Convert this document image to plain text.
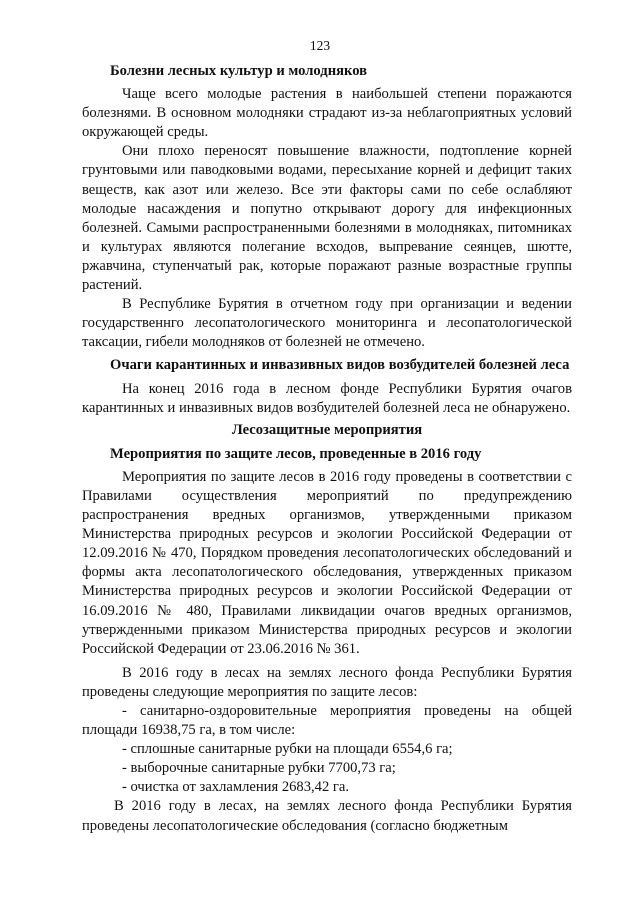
123

Болезни лесных культур и молодняков

Чаще всего молодые растения в наибольшей степени поражаются болезнями. В основном молодняки страдают из-за неблагоприятных условий окружающей среды.

Они плохо переносят повышение влажности, подтопление корней грунтовыми или паводковыми водами, пересыхание корней и дефицит таких веществ, как азот или железо. Все эти факторы сами по себе ослабляют молодые насаждения и попутно открывают дорогу для инфекционных болезней. Самыми распространенными болезнями в молодняках, питомниках и культурах являются полегание всходов, выпревание сеянцев, шютте, ржавчина, ступенчатый рак, которые поражают разные возрастные группы растений.

В Республике Бурятия в отчетном году при организации и ведении государственнго лесопатологического мониторинга и лесопатологической таксации, гибели молодняков от болезней не отмечено.

Очаги карантинных и инвазивных видов возбудителей болезней леса

На конец 2016 года в лесном фонде Республики Бурятия очагов карантинных и инвазивных видов возбудителей болезней леса не обнаружено.

Лесозащитные мероприятия

Мероприятия по защите лесов, проведенные в 2016 году

Мероприятия по защите лесов в 2016 году проведены в соответствии с Правилами осуществления мероприятий по предупреждению распространения вредных организмов, утвержденными приказом Министерства природных ресурсов и экологии Российской Федерации от 12.09.2016 № 470, Порядком проведения лесопатологических обследований и формы акта лесопатологического обследования, утвержденных приказом Министерства природных ресурсов и экологии Российской Федерации от 16.09.2016 № 480, Правилами ликвидации очагов вредных организмов, утвержденными приказом Министерства природных ресурсов и экологии Российской Федерации от 23.06.2016 № 361.

В 2016 году в лесах на землях лесного фонда Республики Бурятия проведены следующие мероприятия по защите лесов:

- санитарно-оздоровительные мероприятия проведены на общей площади 16938,75 га, в том числе:

- сплошные санитарные рубки на площади 6554,6 га;

- выборочные санитарные рубки 7700,73 га;

- очистка от захламления 2683,42 га.

В 2016 году в лесах, на землях лесного фонда Республики Бурятия проведены лесопатологические обследования (согласно бюджетным
